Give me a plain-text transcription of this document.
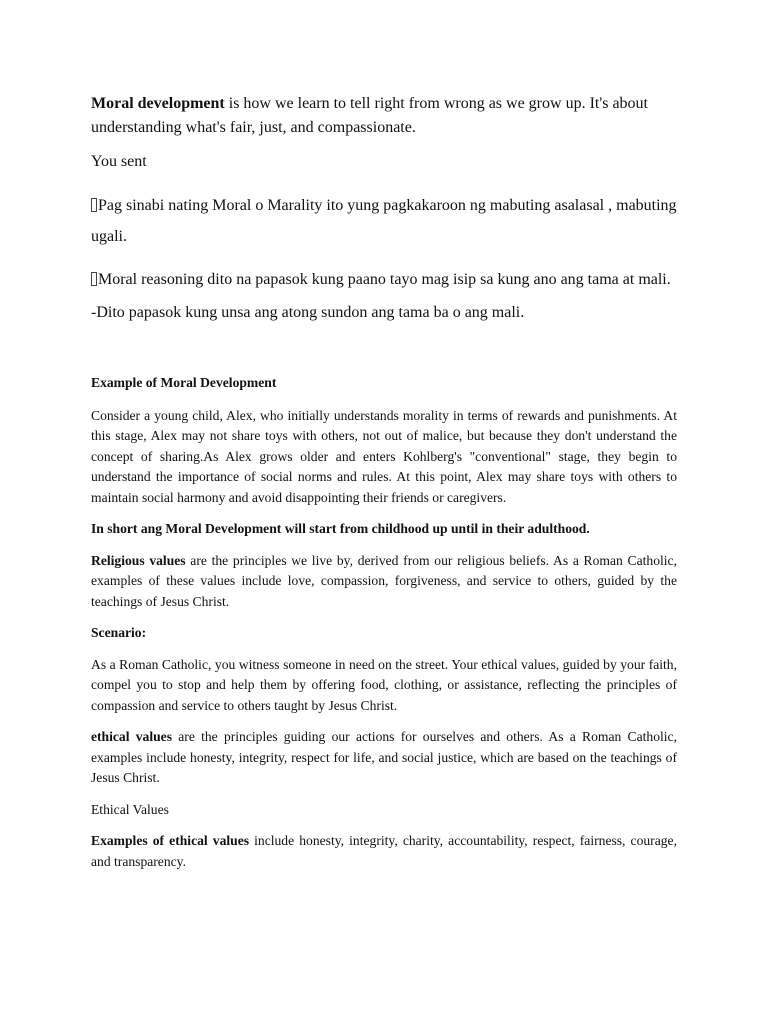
Moral development is how we learn to tell right from wrong as we grow up. It's about understanding what's fair, just, and compassionate.

You sent

Pag sinabi nating Moral o Marality ito yung pagkakaroon ng mabuting asalasal , mabuting ugali.

Moral reasoning dito na papasok kung paano tayo mag isip sa kung ano ang tama at mali.

-Dito papasok kung unsa ang atong sundon ang tama ba o ang mali.

Example of Moral Development

Consider a young child, Alex, who initially understands morality in terms of rewards and punishments. At this stage, Alex may not share toys with others, not out of malice, but because they don't understand the concept of sharing.As Alex grows older and enters Kohlberg's "conventional" stage, they begin to understand the importance of social norms and rules. At this point, Alex may share toys with others to maintain social harmony and avoid disappointing their friends or caregivers.

In short ang Moral Development will start from childhood up until in their adulthood.

Religious values are the principles we live by, derived from our religious beliefs. As a Roman Catholic, examples of these values include love, compassion, forgiveness, and service to others, guided by the teachings of Jesus Christ.

Scenario:

As a Roman Catholic, you witness someone in need on the street. Your ethical values, guided by your faith, compel you to stop and help them by offering food, clothing, or assistance, reflecting the principles of compassion and service to others taught by Jesus Christ.

ethical values are the principles guiding our actions for ourselves and others. As a Roman Catholic, examples include honesty, integrity, respect for life, and social justice, which are based on the teachings of Jesus Christ.

Ethical Values

Examples of ethical values include honesty, integrity, charity, accountability, respect, fairness, courage, and transparency.
